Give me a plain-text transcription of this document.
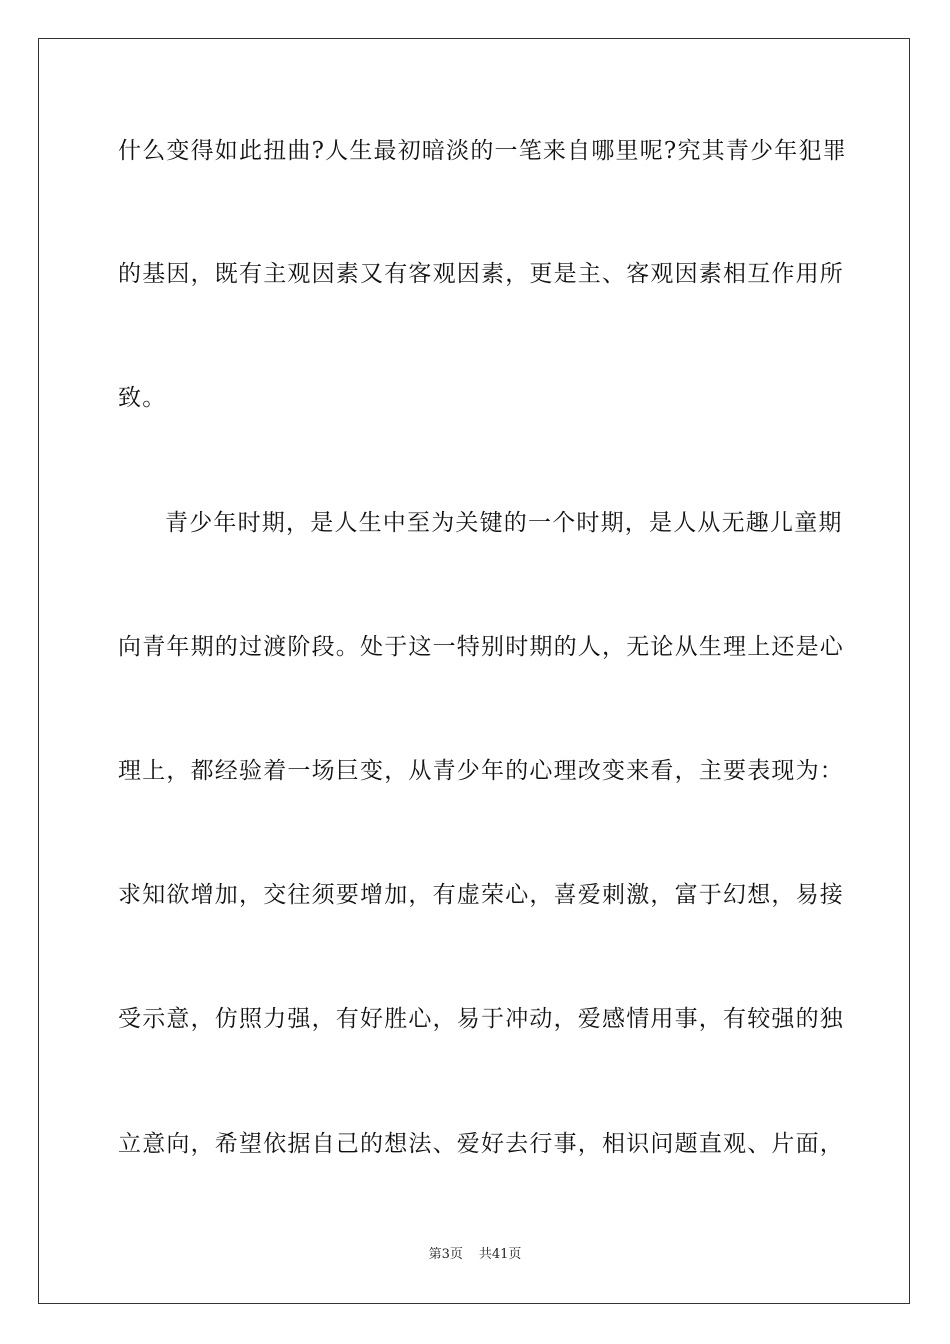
什么变得如此扭曲?人生最初暗淡的一笔来自哪里呢?究其青少年犯罪
的基因，既有主观因素又有客观因素，更是主、客观因素相互作用所
致。
青少年时期，是人生中至为关键的一个时期，是人从无趣儿童期
向青年期的过渡阶段。处于这一特别时期的人，无论从生理上还是心
理上，都经验着一场巨变，从青少年的心理改变来看，主要表现为：
求知欲增加，交往须要增加，有虚荣心，喜爱刺激，富于幻想，易接
受示意，仿照力强，有好胜心，易于冲动，爱感情用事，有较强的独
立意向，希望依据自己的想法、爱好去行事，相识问题直观、片面，
第3页 共41页
